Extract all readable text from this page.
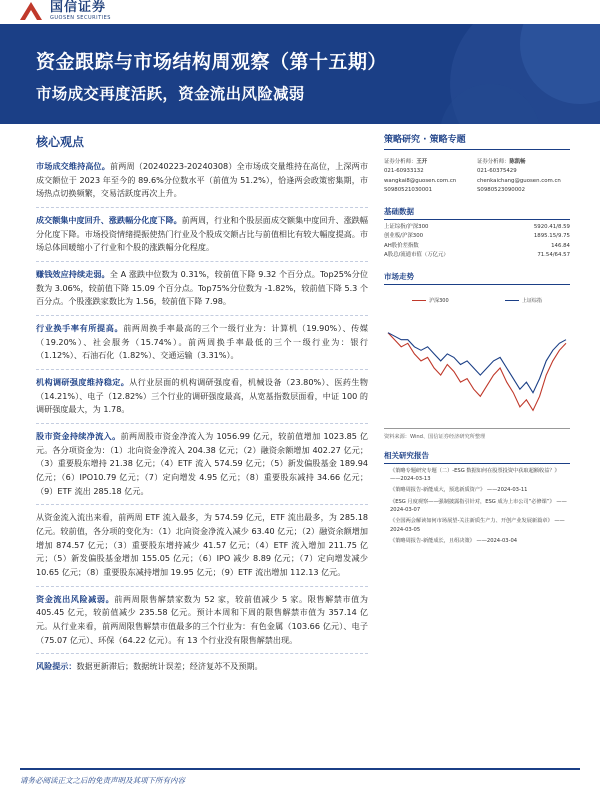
国信证券
GUOSEN SECURITIES
资金跟踪与市场结构周观察（第十五期）
市场成交再度活跃，资金流出风险减弱
核心观点
市场成交维持高位。前两周（20240223-20240308）全市场成交量维持在高位，上深两市成交额位于 2023 年至今的 89.6%分位数水平（前值为 51.2%），恰逢两会政策密集期，市场热点切换频繁，交易活跃度再次上升。
成交额集中度回升、涨跌幅分化度下降。前两周，行业和个股层面成交额集中度回升、涨跌幅分化度下降。市场投资情绪提振使热门行业及个股成交额占比与前值相比有较大幅度提高。市场总体回暖缩小了行业和个股的涨跌幅分化程度。
赚钱效应持续走弱。全 A 涨跌中位数为 0.31%，较前值下降 9.32 个百分点。Top25%分位数为 3.06%，较前值下降 15.09 个百分点。Top75%分位数为 -1.82%，较前值下降 5.3 个百分点。个股涨跌家数比为 1.56，较前值下降 7.98。
行业换手率有所提高。前两周换手率最高的三个一级行业为：计算机（19.90%）、传媒（19.20%）、社会服务（15.74%）。前两周换手率最低的三个一级行业为：银行（1.12%）、石油石化（1.82%）、交通运输（3.31%）。
机构调研强度维持稳定。从行业层面的机构调研强度看，机械设备（23.80%）、医药生物（14.21%）、电子（12.82%）三个行业的调研强度最高，从宽基指数层面看，中证 100 的调研强度最大，为 1.78。
股市资金持续净流入。前两周股市资金净流入为 1056.99 亿元，较前值增加 1023.85 亿元。各分项资金为：（1）北向资金净流入 204.38 亿元；（2）融资余额增加 402.27 亿元；（3）重要股东增持 21.38 亿元；（4）ETF 流入 574.59 亿元；（5）新发偏股基金 189.94 亿元；（6）IPO10.79 亿元；（7）定向增发 4.95 亿元；（8）重要股东减持 34.66 亿元；（9）ETF 流出 285.18 亿元。
从资金流入流出来看，前两周 ETF 流入最多，为 574.59 亿元，ETF 流出最多，为 285.18 亿元。较前值，各分项的变化为：（1）北向资金净流入减少 63.40 亿元；（2）融资余额增加增加 874.57 亿元；（3）重要股东增持减少 41.57 亿元；（4）ETF 流入增加 211.75 亿元；（5）新发偏股基金增加 155.05 亿元；（6）IPO 减少 8.89 亿元；（7）定向增发减少 10.65 亿元；（8）重要股东减持增加 19.95 亿元；（9）ETF 流出增加 112.13 亿元。
资金流出风险减弱。前两周限售解禁家数为 52 家，较前值减少 5 家。限售解禁市值为 405.45 亿元，较前值减少 235.58 亿元。预计本周和下周的限售解禁市值为 357.14 亿元。从行业来看，前两周限售解禁市值最多的三个行业为：有色金属（103.66 亿元）、电子（75.07 亿元）、环保（64.22 亿元）。有 13 个行业没有限售解禁出现。
风险提示：数据更新滞后；数据统计误差；经济复苏不及预期。
策略研究 · 策略专题
证券分析师：王开
021-60933132
wangkai8@guosen.com.cn
S0980521030001
证券分析师：陈凯畅
021-60375429
chenkaichang@guosen.com.cn
S0980523090002
基础数据
上证综指/沪深300	5920.41/8.59
创业板/沪深300	1895.15/9.75
AH股价差指数	146.84
A股总/流通市值（万亿元）	71.54/64.57
市场走势
沪深300	上证综指
资料来源：Wind、国信证券经济研究所整理
相关研究报告
《策略专题研究专题（二）-ESG 数据如何在股票投资中获取超额收益？》 ——2024-03-13
《策略周报告-新能成大，预选新质资产》 ——2024-03-11
《ESG 月度观察——强制披露指引针对，ESG 成为上市公司“必修课”》 ——2024-03-07
《全国两会解读如何市场展望-关注新质生产力、开创产业发展新篇章》 ——2024-03-05
《策略周报告-新能成长，且组决策》 ——2024-03-04
请务必阅读正文之后的免责声明及其项下所有内容
